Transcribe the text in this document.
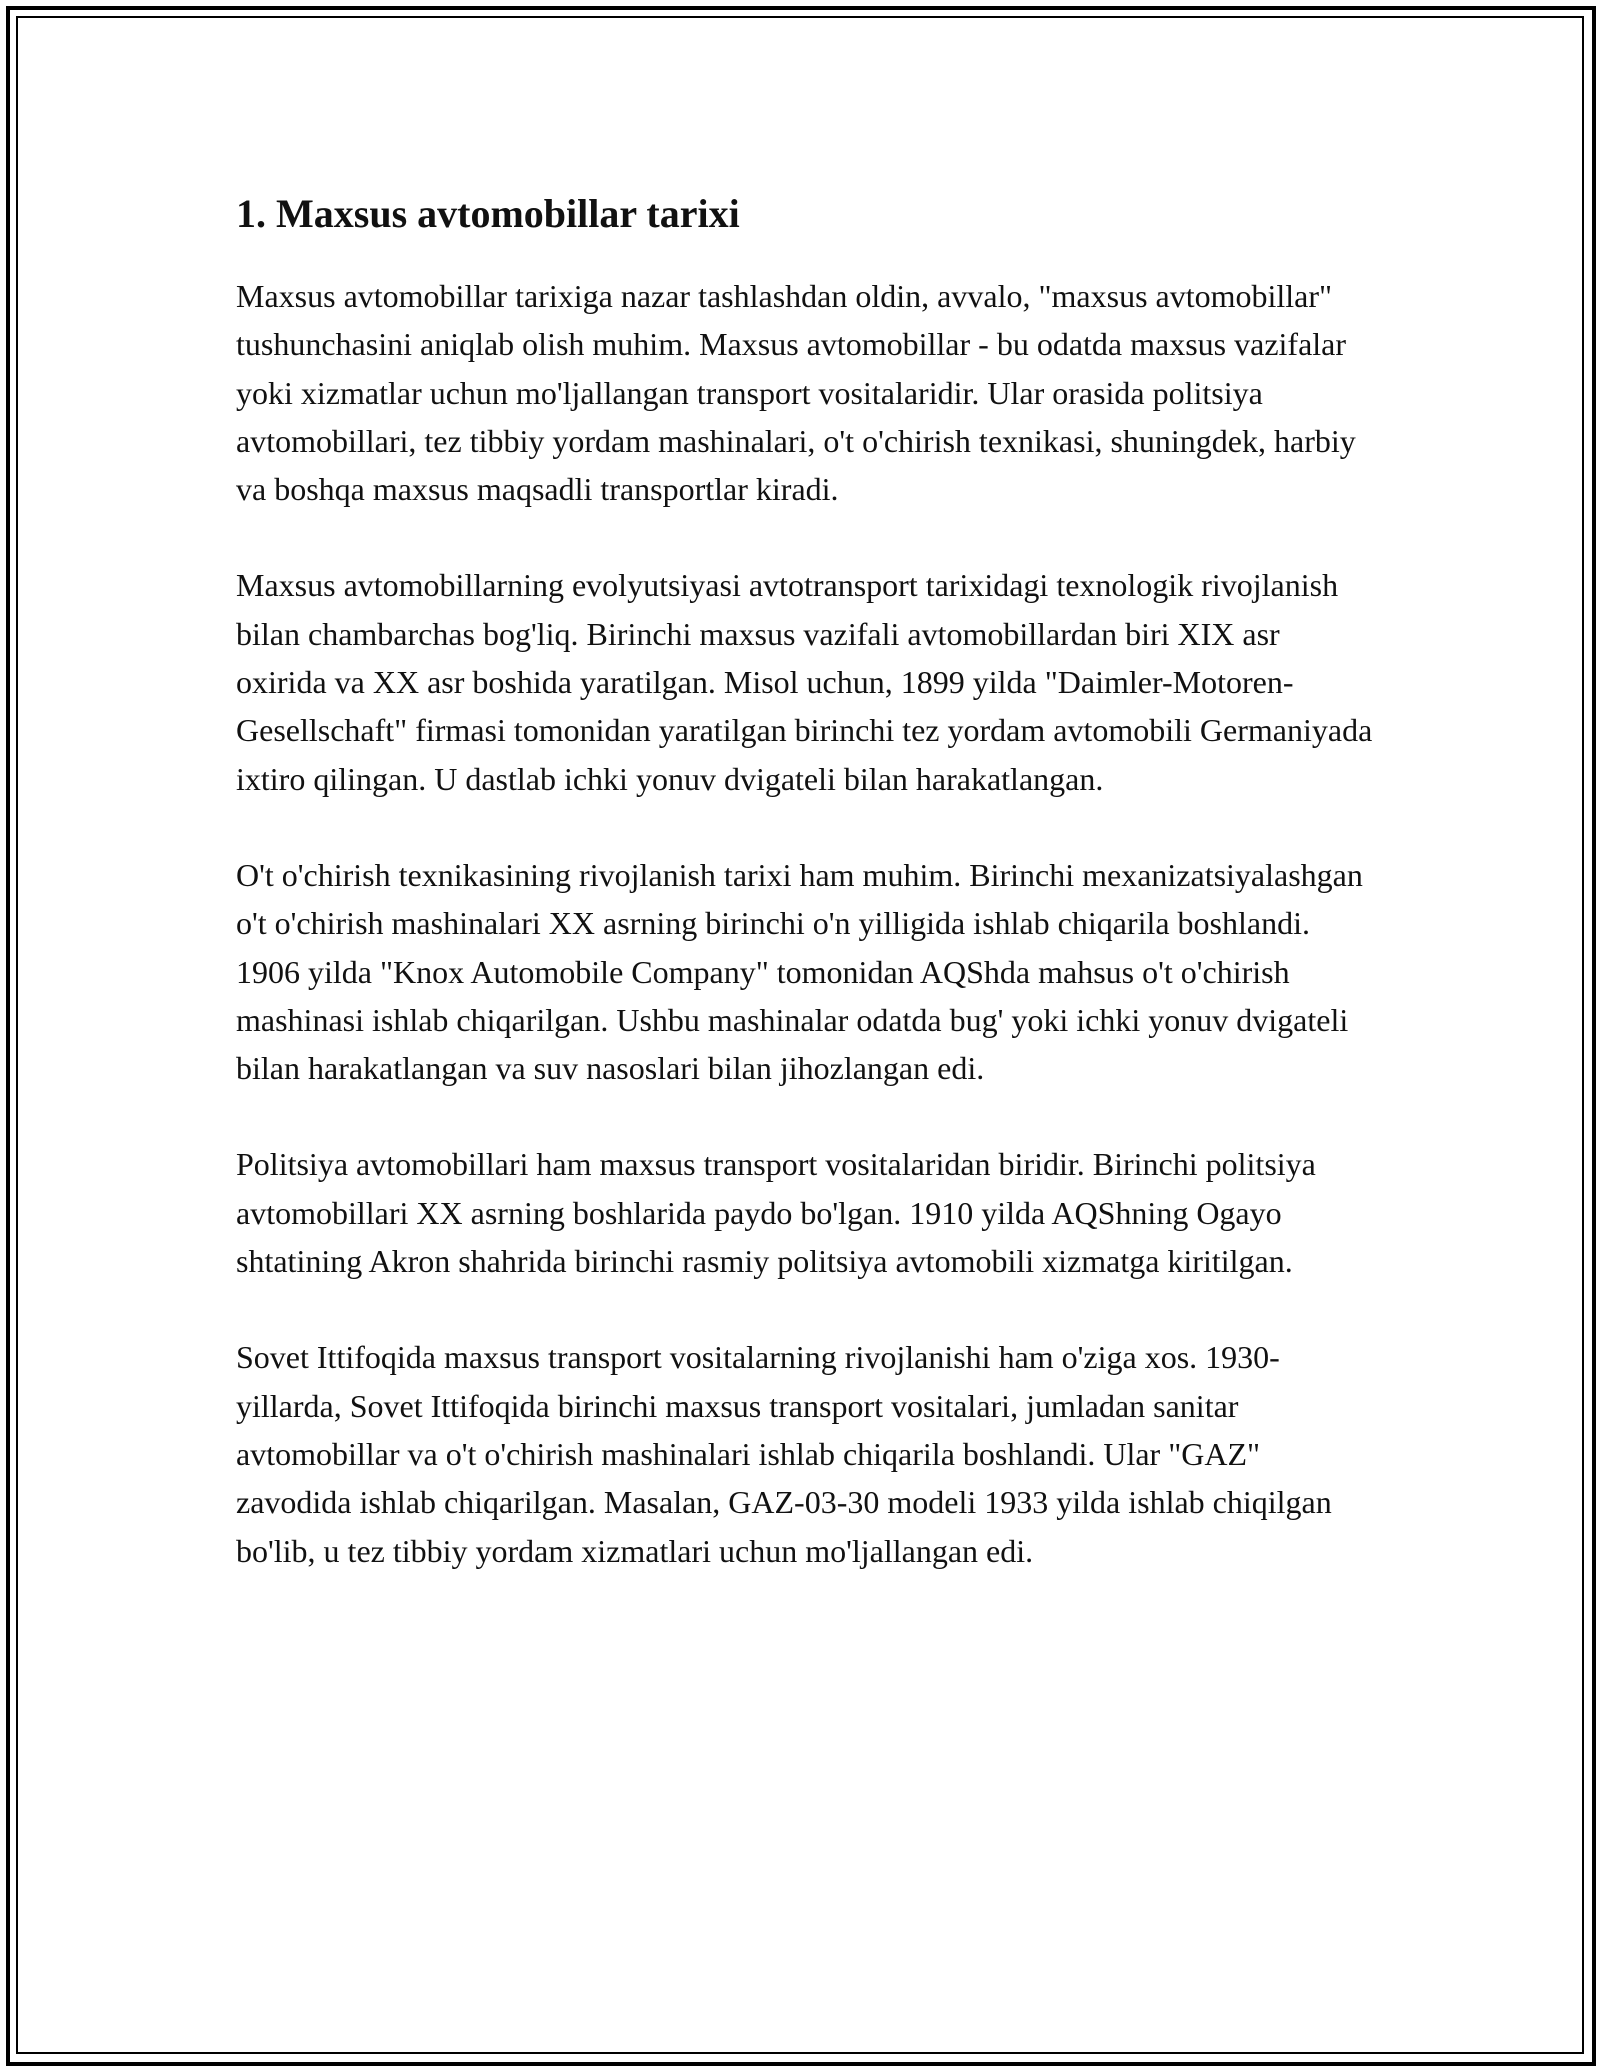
1. Maxsus avtomobillar tarixi

Maxsus avtomobillar tarixiga nazar tashlashdan oldin, avvalo, "maxsus avtomobillar" tushunchasini aniqlab olish muhim. Maxsus avtomobillar - bu odatda maxsus vazifalar yoki xizmatlar uchun mo'ljallangan transport vositalaridir. Ular orasida politsiya avtomobillari, tez tibbiy yordam mashinalari, o't o'chirish texnikasi, shuningdek, harbiy va boshqa maxsus maqsadli transportlar kiradi.

Maxsus avtomobillarning evolyutsiyasi avtotransport tarixidagi texnologik rivojlanish bilan chambarchas bog'liq. Birinchi maxsus vazifali avtomobillardan biri XIX asr oxirida va XX asr boshida yaratilgan. Misol uchun, 1899 yilda "Daimler-Motoren-Gesellschaft" firmasi tomonidan yaratilgan birinchi tez yordam avtomobili Germaniyada ixtiro qilingan. U dastlab ichki yonuv dvigateli bilan harakatlangan.

O't o'chirish texnikasining rivojlanish tarixi ham muhim. Birinchi mexanizatsiyalashgan o't o'chirish mashinalari XX asrning birinchi o'n yilligida ishlab chiqarila boshlandi. 1906 yilda "Knox Automobile Company" tomonidan AQShda mahsus o't o'chirish mashinasi ishlab chiqarilgan. Ushbu mashinalar odatda bug' yoki ichki yonuv dvigateli bilan harakatlangan va suv nasoslari bilan jihozlangan edi.

Politsiya avtomobillari ham maxsus transport vositalaridan biridir. Birinchi politsiya avtomobillari XX asrning boshlarida paydo bo'lgan. 1910 yilda AQShning Ogayo shtatining Akron shahrida birinchi rasmiy politsiya avtomobili xizmatga kiritilgan.

Sovet Ittifoqida maxsus transport vositalarning rivojlanishi ham o'ziga xos. 1930-yillarda, Sovet Ittifoqida birinchi maxsus transport vositalari, jumladan sanitar avtomobillar va o't o'chirish mashinalari ishlab chiqarila boshlandi. Ular "GAZ" zavodida ishlab chiqarilgan. Masalan, GAZ-03-30 modeli 1933 yilda ishlab chiqilgan bo'lib, u tez tibbiy yordam xizmatlari uchun mo'ljallangan edi.
